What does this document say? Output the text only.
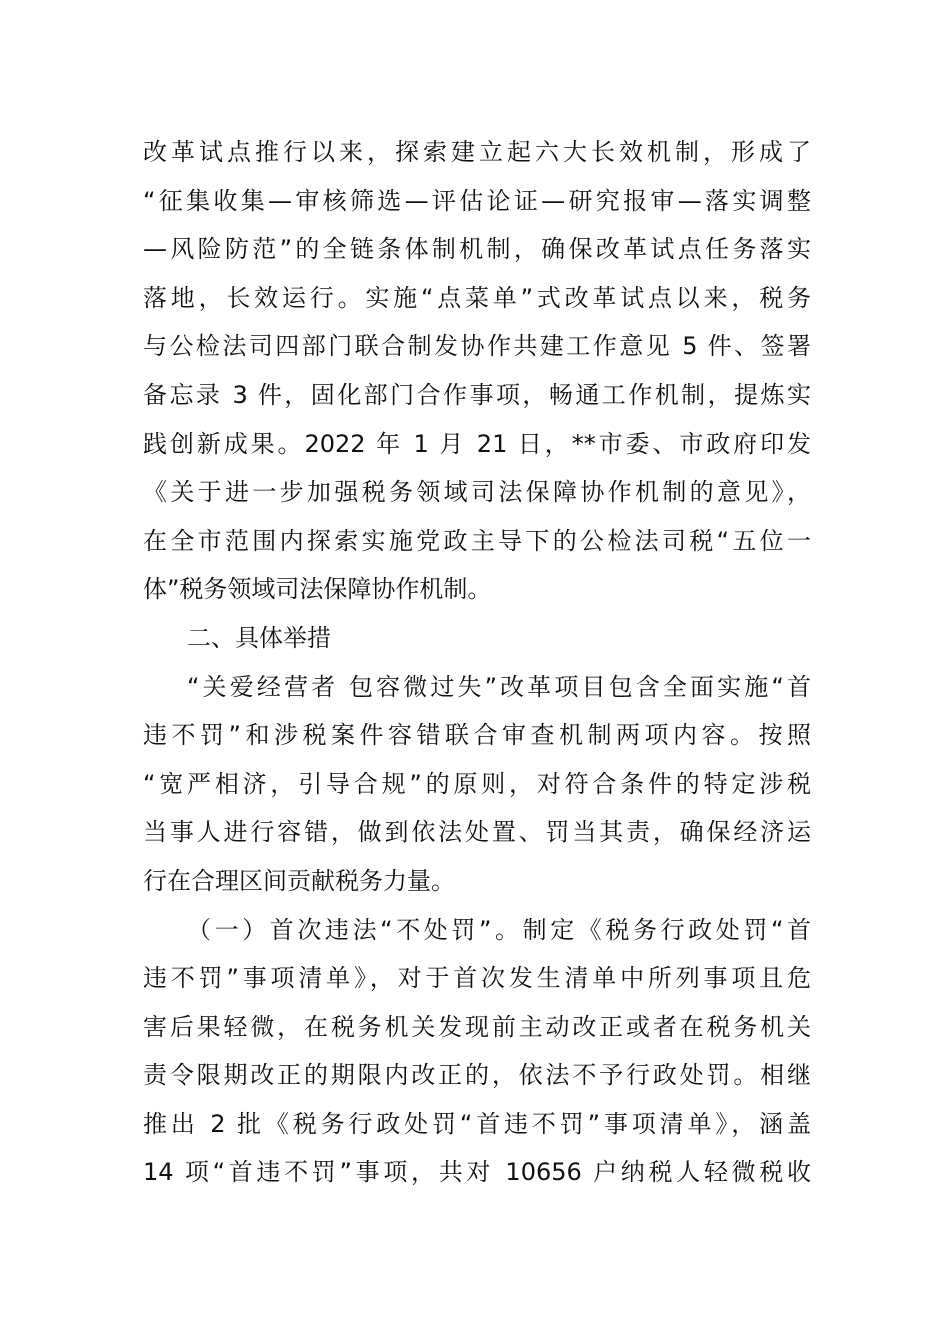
改革试点推行以来，探索建立起六大长效机制，形成了
“征集收集—审核筛选—评估论证—研究报审—落实调整
—风险防范”的全链条体制机制，确保改革试点任务落实
落地，长效运行。实施“点菜单”式改革试点以来，税务
与公检法司四部门联合制发协作共建工作意见 5 件、签署
备忘录 3 件，固化部门合作事项，畅通工作机制，提炼实
践创新成果。2022 年 1 月 21 日，**市委、市政府印发
《关于进一步加强税务领域司法保障协作机制的意见》，
在全市范围内探索实施党政主导下的公检法司税“五位一
体”税务领域司法保障协作机制。
二、具体举措
“关爱经营者 包容微过失”改革项目包含全面实施“首
违不罚”和涉税案件容错联合审查机制两项内容。按照
“宽严相济，引导合规”的原则，对符合条件的特定涉税
当事人进行容错，做到依法处置、罚当其责，确保经济运
行在合理区间贡献税务力量。
（一）首次违法“不处罚”。制定《税务行政处罚“首
违不罚”事项清单》，对于首次发生清单中所列事项且危
害后果轻微，在税务机关发现前主动改正或者在税务机关
责令限期改正的期限内改正的，依法不予行政处罚。相继
推出 2 批《税务行政处罚“首违不罚”事项清单》，涵盖
14 项“首违不罚”事项，共对 10656 户纳税人轻微税收
